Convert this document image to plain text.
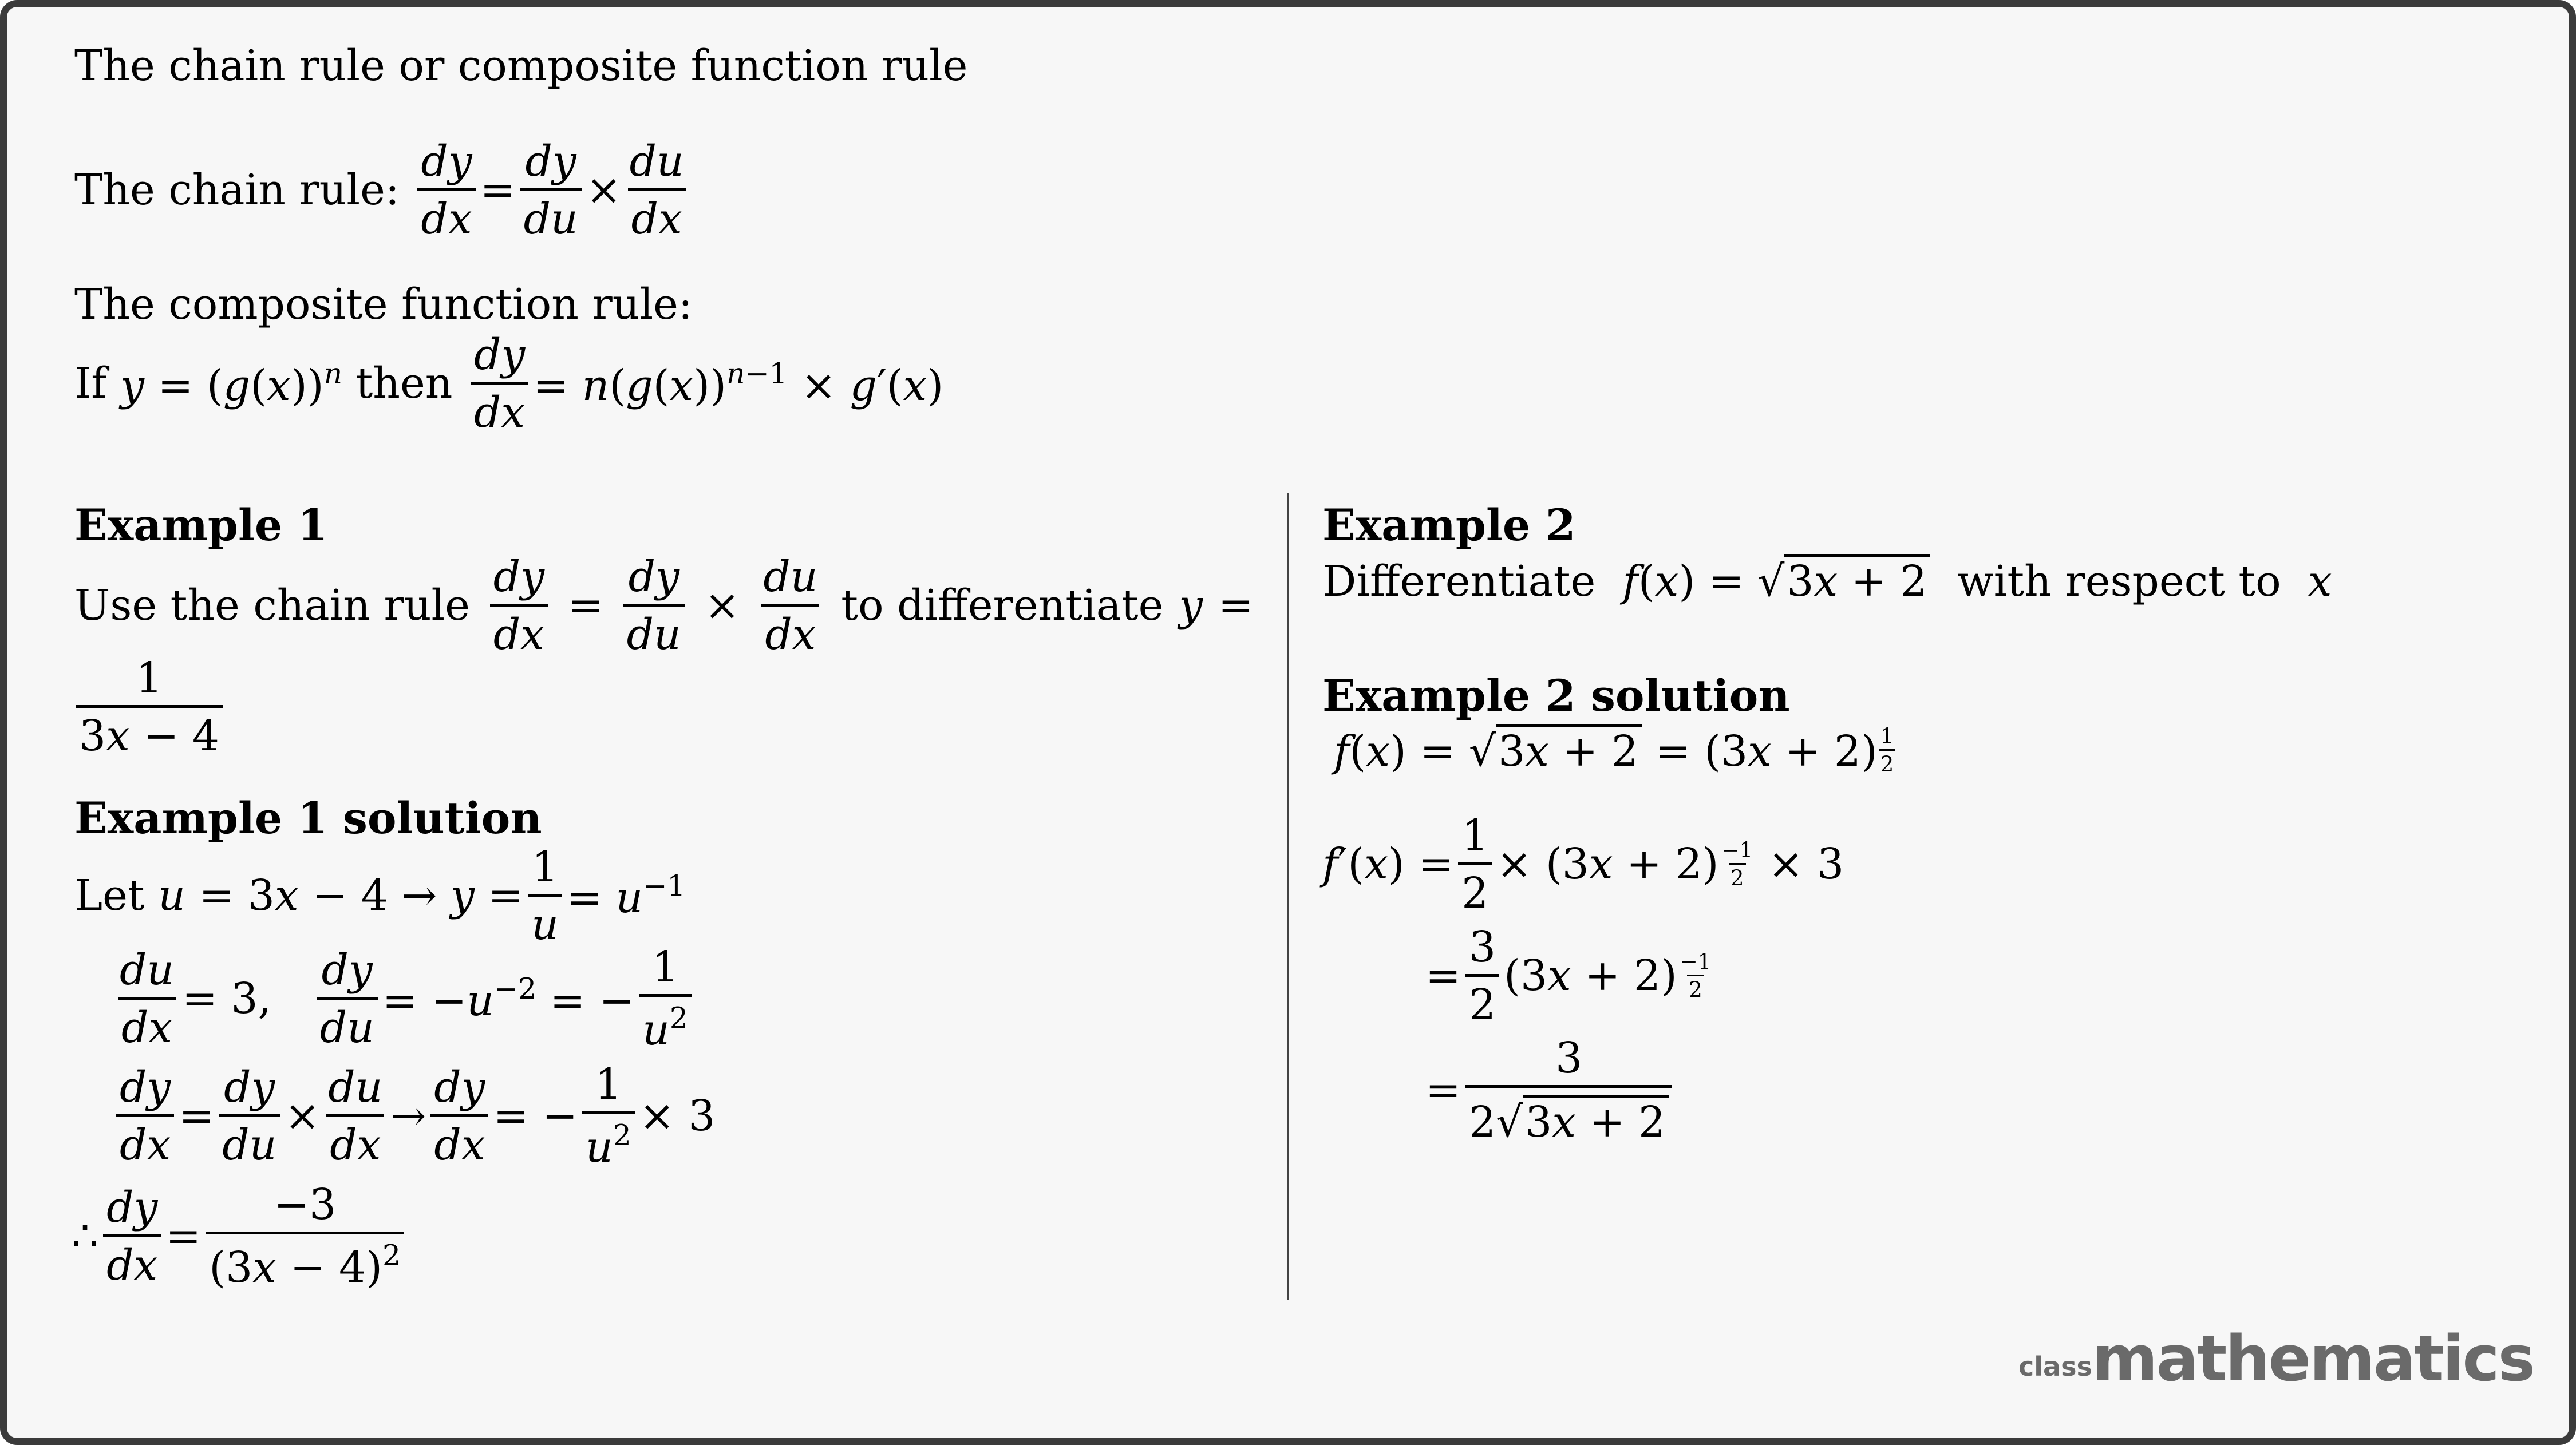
The chain rule or composite function rule
The chain rule:
$\frac{dy}{dx} = \frac{dy}{du} \times \frac{du}{dx}$
The composite function rule:
If
$y = (g(x))^n$
then
$\frac{dy}{dx} = n(g(x))^{n-1} \times g'(x)$
Example 1
Use the chain rule $\frac{dy}{dx} = \frac{dy}{du} \times \frac{du}{dx}$ to differentiate y =
1
3x − 4
Example 1 solution
Let
$u = 3x - 4 \to y = \frac{1}{u} = u^{-1}$
$\frac{du}{dx} = 3$, $\frac{dy}{du} = -u^{-2}$ = − $\frac{1}{u^2}$
$\frac{dy}{dx} = \frac{dy}{du} \times \frac{du}{dx} \to \frac{dy}{dx}$ = − $\frac{1}{u^2} \times 3$
∴ $\frac{dy}{dx} = \frac{-3}{(3x - 4)^2}$
Example 2
Differentiate f(x) = √3x + 2 with respect to x
Example 2 solution
$f(x) = √3x + 2 = (3x + 2) \frac{1}{2}$
$f'(x) = \frac{1}{2} \times (3x + 2) \frac{-1}{2} \times 3$
= $\frac{3}{2} (3x + 2) -1$
2
= $\frac{3}{2√3x + 2}$
classmathematics
